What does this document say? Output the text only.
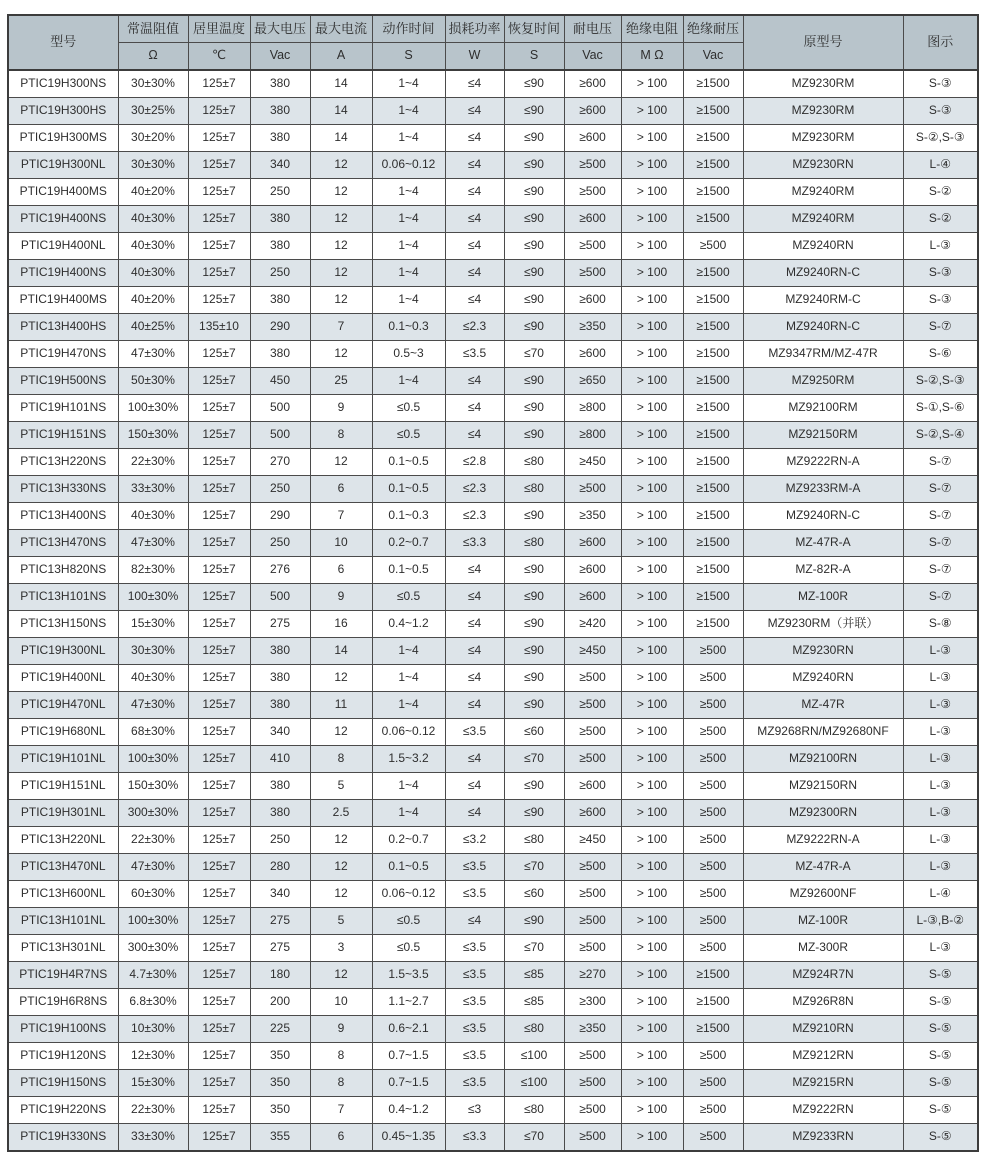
型号	常温阻值	居里温度	最大电压	最大电流	动作时间	损耗功率	恢复时间	耐电压	绝缘电阻	绝缘耐压	原型号	图示
	Ω	℃	Vac	A	S	W	S	Vac	M Ω	Vac		
PTIC19H300NS	30±30%	125±7	380	14	1~4	≤4	≤90	≥600	> 100	≥1500	MZ9230RM	S-③
PTIC19H300HS	30±25%	125±7	380	14	1~4	≤4	≤90	≥600	> 100	≥1500	MZ9230RM	S-③
PTIC19H300MS	30±20%	125±7	380	14	1~4	≤4	≤90	≥600	> 100	≥1500	MZ9230RM	S-②,S-③
PTIC19H300NL	30±30%	125±7	340	12	0.06~0.12	≤4	≤90	≥500	> 100	≥1500	MZ9230RN	L-④
PTIC19H400MS	40±20%	125±7	250	12	1~4	≤4	≤90	≥500	> 100	≥1500	MZ9240RM	S-②
PTIC19H400NS	40±30%	125±7	380	12	1~4	≤4	≤90	≥600	> 100	≥1500	MZ9240RM	S-②
PTIC19H400NL	40±30%	125±7	380	12	1~4	≤4	≤90	≥500	> 100	≥500	MZ9240RN	L-③
PTIC19H400NS	40±30%	125±7	250	12	1~4	≤4	≤90	≥500	> 100	≥1500	MZ9240RN-C	S-③
PTIC19H400MS	40±20%	125±7	380	12	1~4	≤4	≤90	≥600	> 100	≥1500	MZ9240RM-C	S-③
PTIC13H400HS	40±25%	135±10	290	7	0.1~0.3	≤2.3	≤90	≥350	> 100	≥1500	MZ9240RN-C	S-⑦
PTIC19H470NS	47±30%	125±7	380	12	0.5~3	≤3.5	≤70	≥600	> 100	≥1500	MZ9347RM/MZ-47R	S-⑥
PTIC19H500NS	50±30%	125±7	450	25	1~4	≤4	≤90	≥650	> 100	≥1500	MZ9250RM	S-②,S-③
PTIC19H101NS	100±30%	125±7	500	9	≤0.5	≤4	≤90	≥800	> 100	≥1500	MZ92100RM	S-①,S-⑥
PTIC19H151NS	150±30%	125±7	500	8	≤0.5	≤4	≤90	≥800	> 100	≥1500	MZ92150RM	S-②,S-④
PTIC13H220NS	22±30%	125±7	270	12	0.1~0.5	≤2.8	≤80	≥450	> 100	≥1500	MZ9222RN-A	S-⑦
PTIC13H330NS	33±30%	125±7	250	6	0.1~0.5	≤2.3	≤80	≥500	> 100	≥1500	MZ9233RM-A	S-⑦
PTIC13H400NS	40±30%	125±7	290	7	0.1~0.3	≤2.3	≤90	≥350	> 100	≥1500	MZ9240RN-C	S-⑦
PTIC13H470NS	47±30%	125±7	250	10	0.2~0.7	≤3.3	≤80	≥600	> 100	≥1500	MZ-47R-A	S-⑦
PTIC13H820NS	82±30%	125±7	276	6	0.1~0.5	≤4	≤90	≥600	> 100	≥1500	MZ-82R-A	S-⑦
PTIC13H101NS	100±30%	125±7	500	9	≤0.5	≤4	≤90	≥600	> 100	≥1500	MZ-100R	S-⑦
PTIC13H150NS	15±30%	125±7	275	16	0.4~1.2	≤4	≤90	≥420	> 100	≥1500	MZ9230RM（并联）	S-⑧
PTIC19H300NL	30±30%	125±7	380	14	1~4	≤4	≤90	≥450	> 100	≥500	MZ9230RN	L-③
PTIC19H400NL	40±30%	125±7	380	12	1~4	≤4	≤90	≥500	> 100	≥500	MZ9240RN	L-③
PTIC19H470NL	47±30%	125±7	380	11	1~4	≤4	≤90	≥500	> 100	≥500	MZ-47R	L-③
PTIC19H680NL	68±30%	125±7	340	12	0.06~0.12	≤3.5	≤60	≥500	> 100	≥500	MZ9268RN/MZ92680NF	L-③
PTIC19H101NL	100±30%	125±7	410	8	1.5~3.2	≤4	≤70	≥500	> 100	≥500	MZ92100RN	L-③
PTIC19H151NL	150±30%	125±7	380	5	1~4	≤4	≤90	≥600	> 100	≥500	MZ92150RN	L-③
PTIC19H301NL	300±30%	125±7	380	2.5	1~4	≤4	≤90	≥600	> 100	≥500	MZ92300RN	L-③
PTIC13H220NL	22±30%	125±7	250	12	0.2~0.7	≤3.2	≤80	≥450	> 100	≥500	MZ9222RN-A	L-③
PTIC13H470NL	47±30%	125±7	280	12	0.1~0.5	≤3.5	≤70	≥500	> 100	≥500	MZ-47R-A	L-③
PTIC13H600NL	60±30%	125±7	340	12	0.06~0.12	≤3.5	≤60	≥500	> 100	≥500	MZ92600NF	L-④
PTIC13H101NL	100±30%	125±7	275	5	≤0.5	≤4	≤90	≥500	> 100	≥500	MZ-100R	L-③,B-②
PTIC13H301NL	300±30%	125±7	275	3	≤0.5	≤3.5	≤70	≥500	> 100	≥500	MZ-300R	L-③
PTIC19H4R7NS	4.7±30%	125±7	180	12	1.5~3.5	≤3.5	≤85	≥270	> 100	≥1500	MZ924R7N	S-⑤
PTIC19H6R8NS	6.8±30%	125±7	200	10	1.1~2.7	≤3.5	≤85	≥300	> 100	≥1500	MZ926R8N	S-⑤
PTIC19H100NS	10±30%	125±7	225	9	0.6~2.1	≤3.5	≤80	≥350	> 100	≥1500	MZ9210RN	S-⑤
PTIC19H120NS	12±30%	125±7	350	8	0.7~1.5	≤3.5	≤100	≥500	> 100	≥500	MZ9212RN	S-⑤
PTIC19H150NS	15±30%	125±7	350	8	0.7~1.5	≤3.5	≤100	≥500	> 100	≥500	MZ9215RN	S-⑤
PTIC19H220NS	22±30%	125±7	350	7	0.4~1.2	≤3	≤80	≥500	> 100	≥500	MZ9222RN	S-⑤
PTIC19H330NS	33±30%	125±7	355	6	0.45~1.35	≤3.3	≤70	≥500	> 100	≥500	MZ9233RN	S-⑤
